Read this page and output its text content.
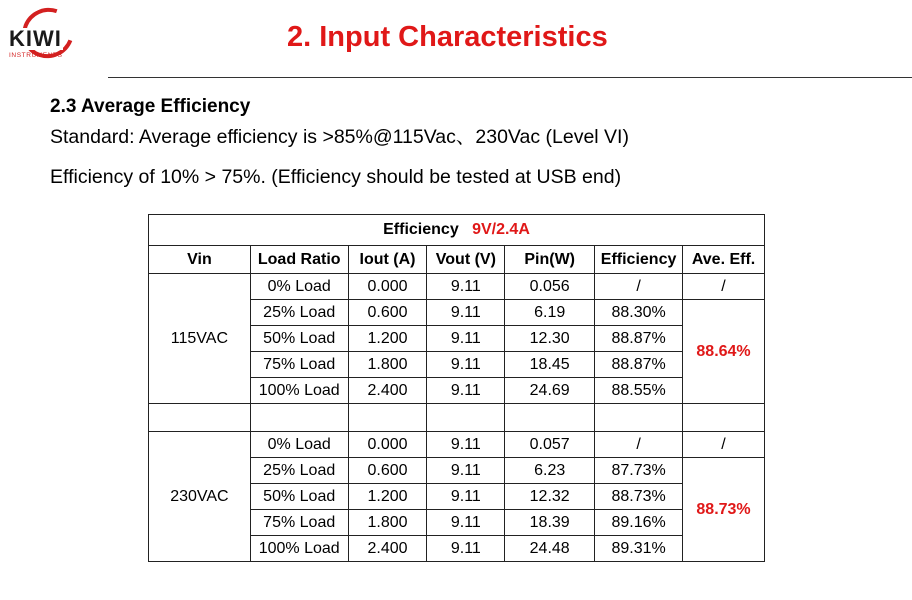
KIWI
INSTRUMENTS
2. Input Characteristics
2.3 Average Efficiency
Standard: Average efficiency is >85%@115Vac、230Vac (Level VI)
Efficiency of 10% > 75%. (Efficiency should be tested at USB end)
Efficiency 9V/2.4A						
Vin	Load Ratio	Iout (A)	Vout (V)	Pin(W)	Efficiency	Ave. Eff.
115VAC	0% Load	0.000	9.11	0.056	/	/
	25% Load	0.600	9.11	6.19	88.30%	88.64%
	50% Load	1.200	9.11	12.30	88.87%	
	75% Load	1.800	9.11	18.45	88.87%	
	100% Load	2.400	9.11	24.69	88.55%	

230VAC	0% Load	0.000	9.11	0.057	/	/
	25% Load	0.600	9.11	6.23	87.73%	88.73%
	50% Load	1.200	9.11	12.32	88.73%	
	75% Load	1.800	9.11	18.39	89.16%	
	100% Load	2.400	9.11	24.48	89.31%	
